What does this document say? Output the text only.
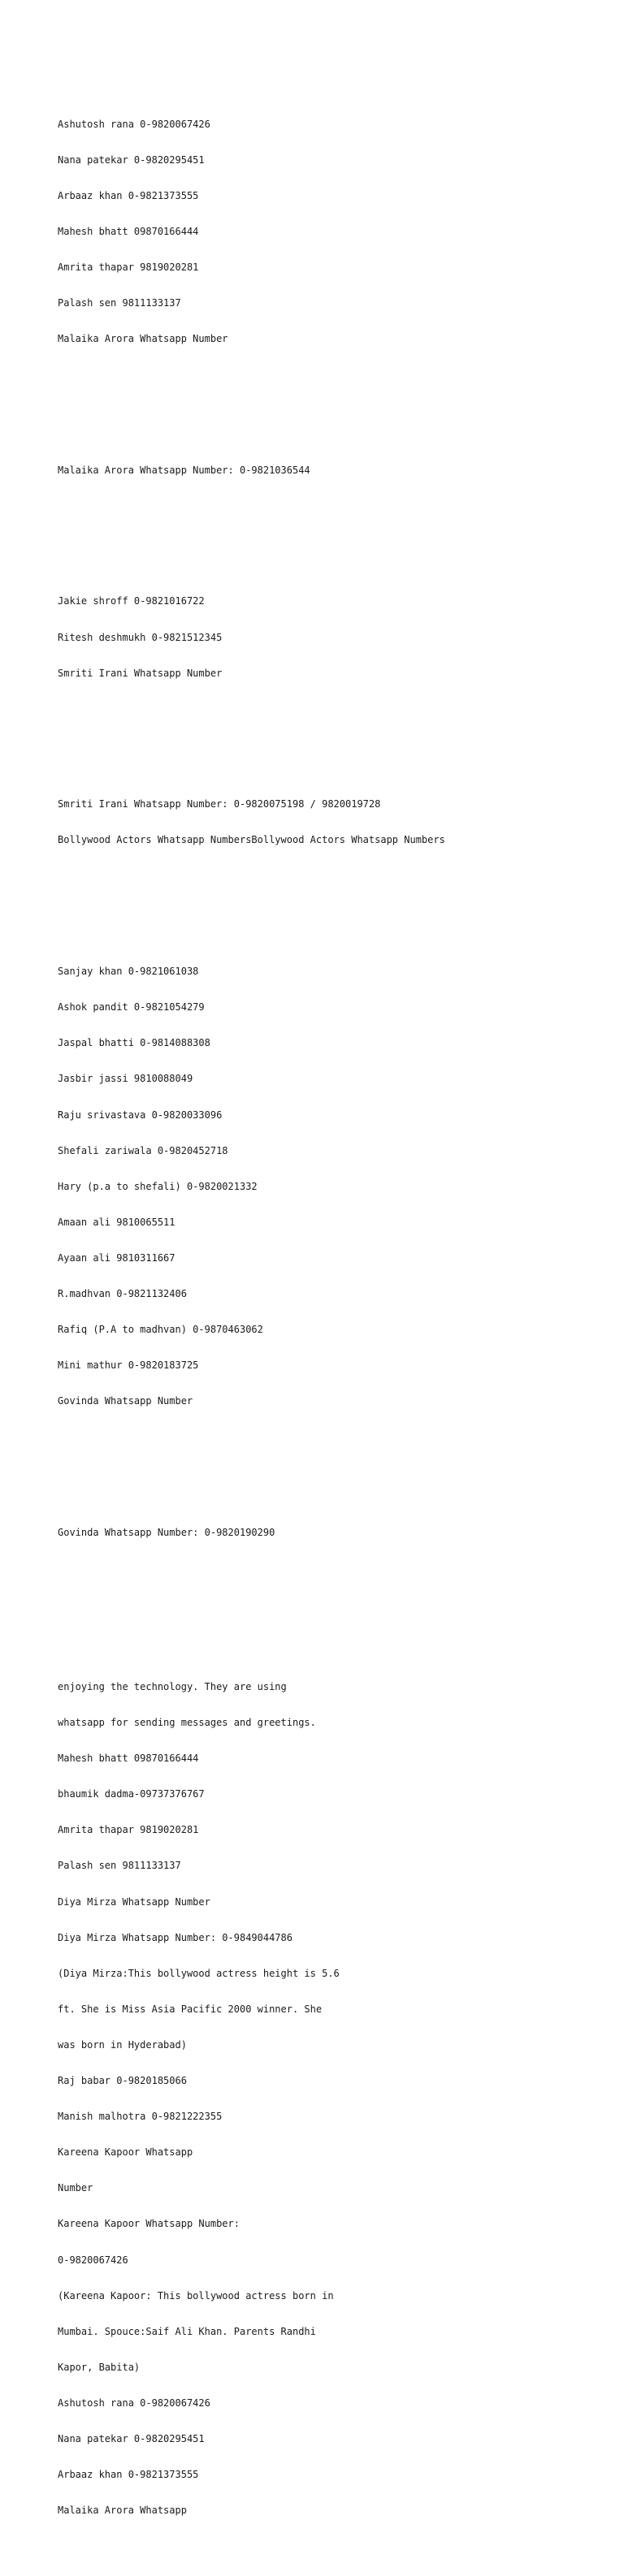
Ashutosh rana 0-9820067426

Nana patekar 0-9820295451

Arbaaz khan 0-9821373555

Mahesh bhatt 09870166444

Amrita thapar 9819020281

Palash sen 9811133137

Malaika Arora Whatsapp Number

Malaika Arora Whatsapp Number: 0-9821036544

Jakie shroff 0-9821016722

Ritesh deshmukh 0-9821512345

Smriti Irani Whatsapp Number

Smriti Irani Whatsapp Number: 0-9820075198 / 9820019728

Bollywood Actors Whatsapp NumbersBollywood Actors Whatsapp Numbers

Sanjay khan 0-9821061038

Ashok pandit 0-9821054279

Jaspal bhatti 0-9814088308

Jasbir jassi 9810088049

Raju srivastava 0-9820033096

Shefali zariwala 0-9820452718

Hary (p.a to shefali) 0-9820021332

Amaan ali 9810065511

Ayaan ali 9810311667

R.madhvan 0-9821132406

Rafiq (P.A to madhvan) 0-9870463062

Mini mathur 0-9820183725

Govinda Whatsapp Number

Govinda Whatsapp Number: 0-9820190290

enjoying the technology. They are using

whatsapp for sending messages and greetings.

Mahesh bhatt 09870166444

bhaumik dadma-09737376767

Amrita thapar 9819020281

Palash sen 9811133137

Diya Mirza Whatsapp Number

Diya Mirza Whatsapp Number: 0-9849044786

(Diya Mirza:This bollywood actress height is 5.6

ft. She is Miss Asia Pacific 2000 winner. She

was born in Hyderabad)

Raj babar 0-9820185066

Manish malhotra 0-9821222355

Kareena Kapoor Whatsapp

Number

Kareena Kapoor Whatsapp Number:

0-9820067426

(Kareena Kapoor: This bollywood actress born in

Mumbai. Spouce:Saif Ali Khan. Parents Randhi

Kapor, Babita)

Ashutosh rana 0-9820067426

Nana patekar 0-9820295451

Arbaaz khan 0-9821373555

Malaika Arora Whatsapp
